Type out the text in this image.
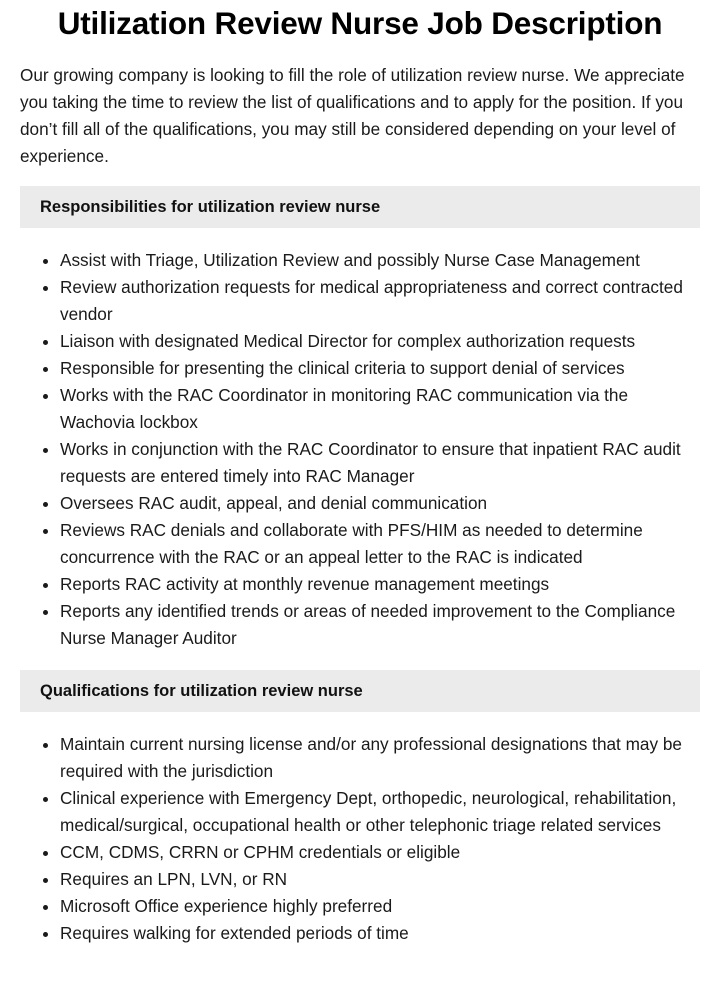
Utilization Review Nurse Job Description

Our growing company is looking to fill the role of utilization review nurse. We appreciate you taking the time to review the list of qualifications and to apply for the position. If you don’t fill all of the qualifications, you may still be considered depending on your level of experience.

Responsibilities for utilization review nurse
Assist with Triage, Utilization Review and possibly Nurse Case Management
Review authorization requests for medical appropriateness and correct contracted vendor
Liaison with designated Medical Director for complex authorization requests
Responsible for presenting the clinical criteria to support denial of services
Works with the RAC Coordinator in monitoring RAC communication via the Wachovia lockbox
Works in conjunction with the RAC Coordinator to ensure that inpatient RAC audit requests are entered timely into RAC Manager
Oversees RAC audit, appeal, and denial communication
Reviews RAC denials and collaborate with PFS/HIM as needed to determine concurrence with the RAC or an appeal letter to the RAC is indicated
Reports RAC activity at monthly revenue management meetings
Reports any identified trends or areas of needed improvement to the Compliance Nurse Manager Auditor
Qualifications for utilization review nurse
Maintain current nursing license and/or any professional designations that may be required with the jurisdiction
Clinical experience with Emergency Dept, orthopedic, neurological, rehabilitation, medical/surgical, occupational health or other telephonic triage related services
CCM, CDMS, CRRN or CPHM credentials or eligible
Requires an LPN, LVN, or RN
Microsoft Office experience highly preferred
Requires walking for extended periods of time
